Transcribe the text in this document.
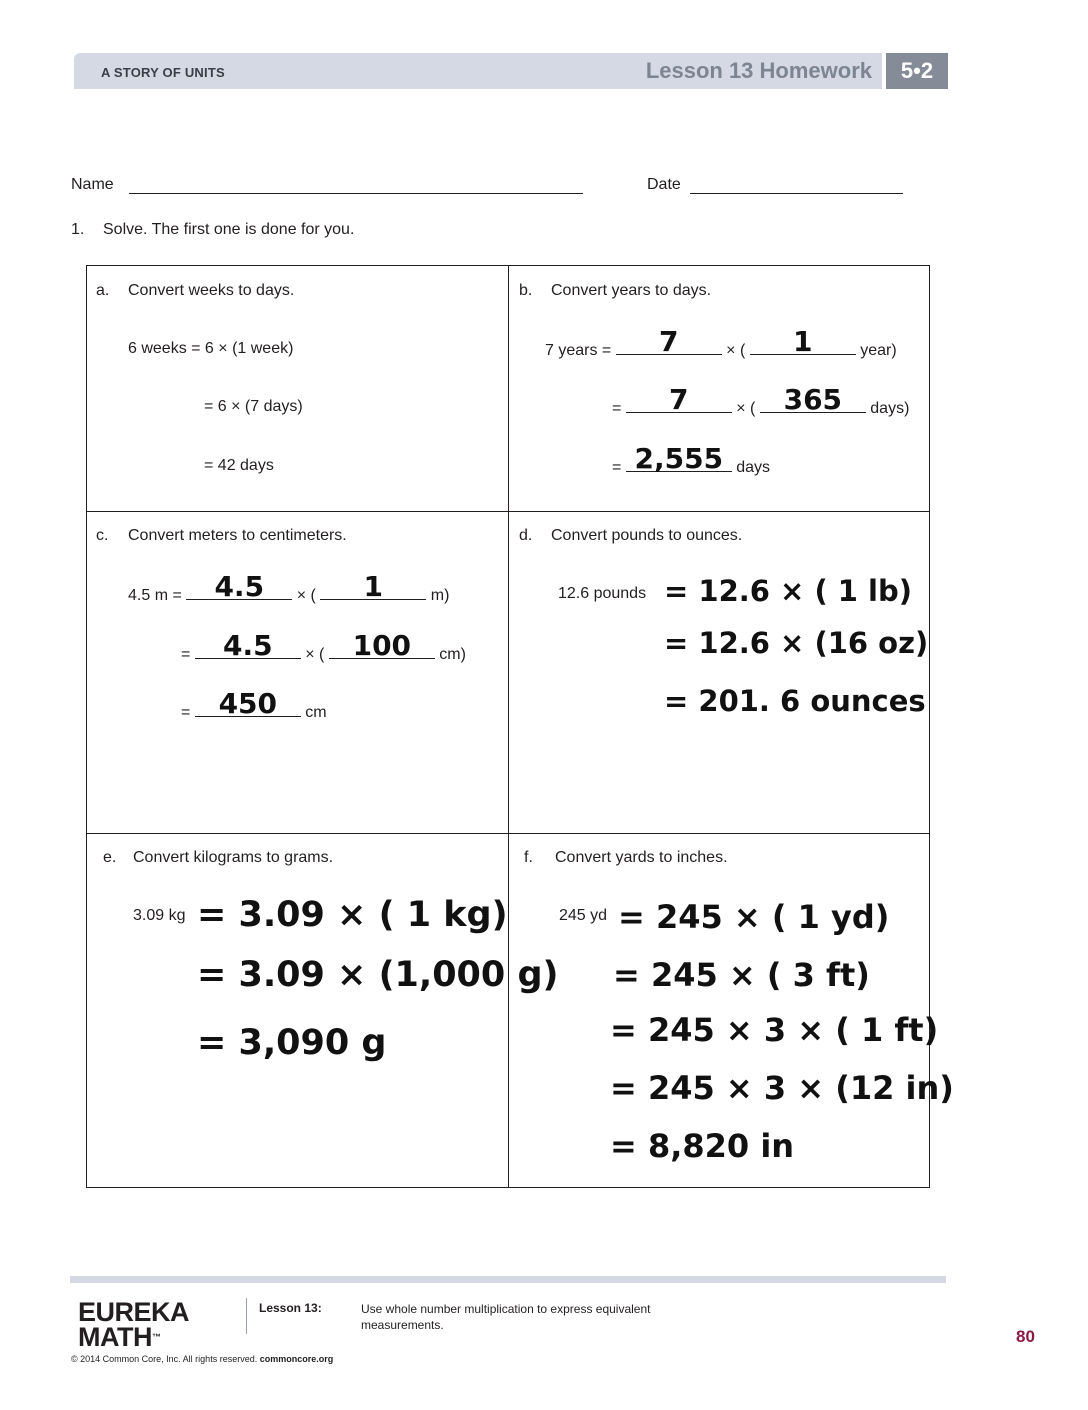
A STORY OF UNITS	Lesson 13 Homework	5•2
Name	Date
1. Solve. The first one is done for you.
a. Convert weeks to days.
6 weeks = 6 × (1 week)
= 6 × (7 days)
= 42 days
b. Convert years to days.
7 years =	7	× (	1	year)
=	7	× (	365	days)
= 2,555 days
c. Convert meters to centimeters.
4.5 m =	4.5	× (	1	m)
=	4.5	× (	100	cm)
=	450	cm
d. Convert pounds to ounces.
12.6 pounds = 12.6 × ( 1 lb)
= 12.6 × (16 oz)
= 201. 6 ounces
e. Convert kilograms to grams.
3.09 kg = 3.09 × ( 1 kg)
= 3.09 × (1,000 g)
= 3,090 g
f. Convert yards to inches.
245 yd = 245 × ( 1 yd)
= 245 × ( 3 ft)
= 245 × 3 × ( 1 ft)
= 245 × 3 × (12 in)
= 8,820 in
EUREKA
MATH™
Lesson 13:	Use whole number multiplication to express equivalent measurements.
© 2014 Common Core, Inc. All rights reserved. commoncore.org
80
